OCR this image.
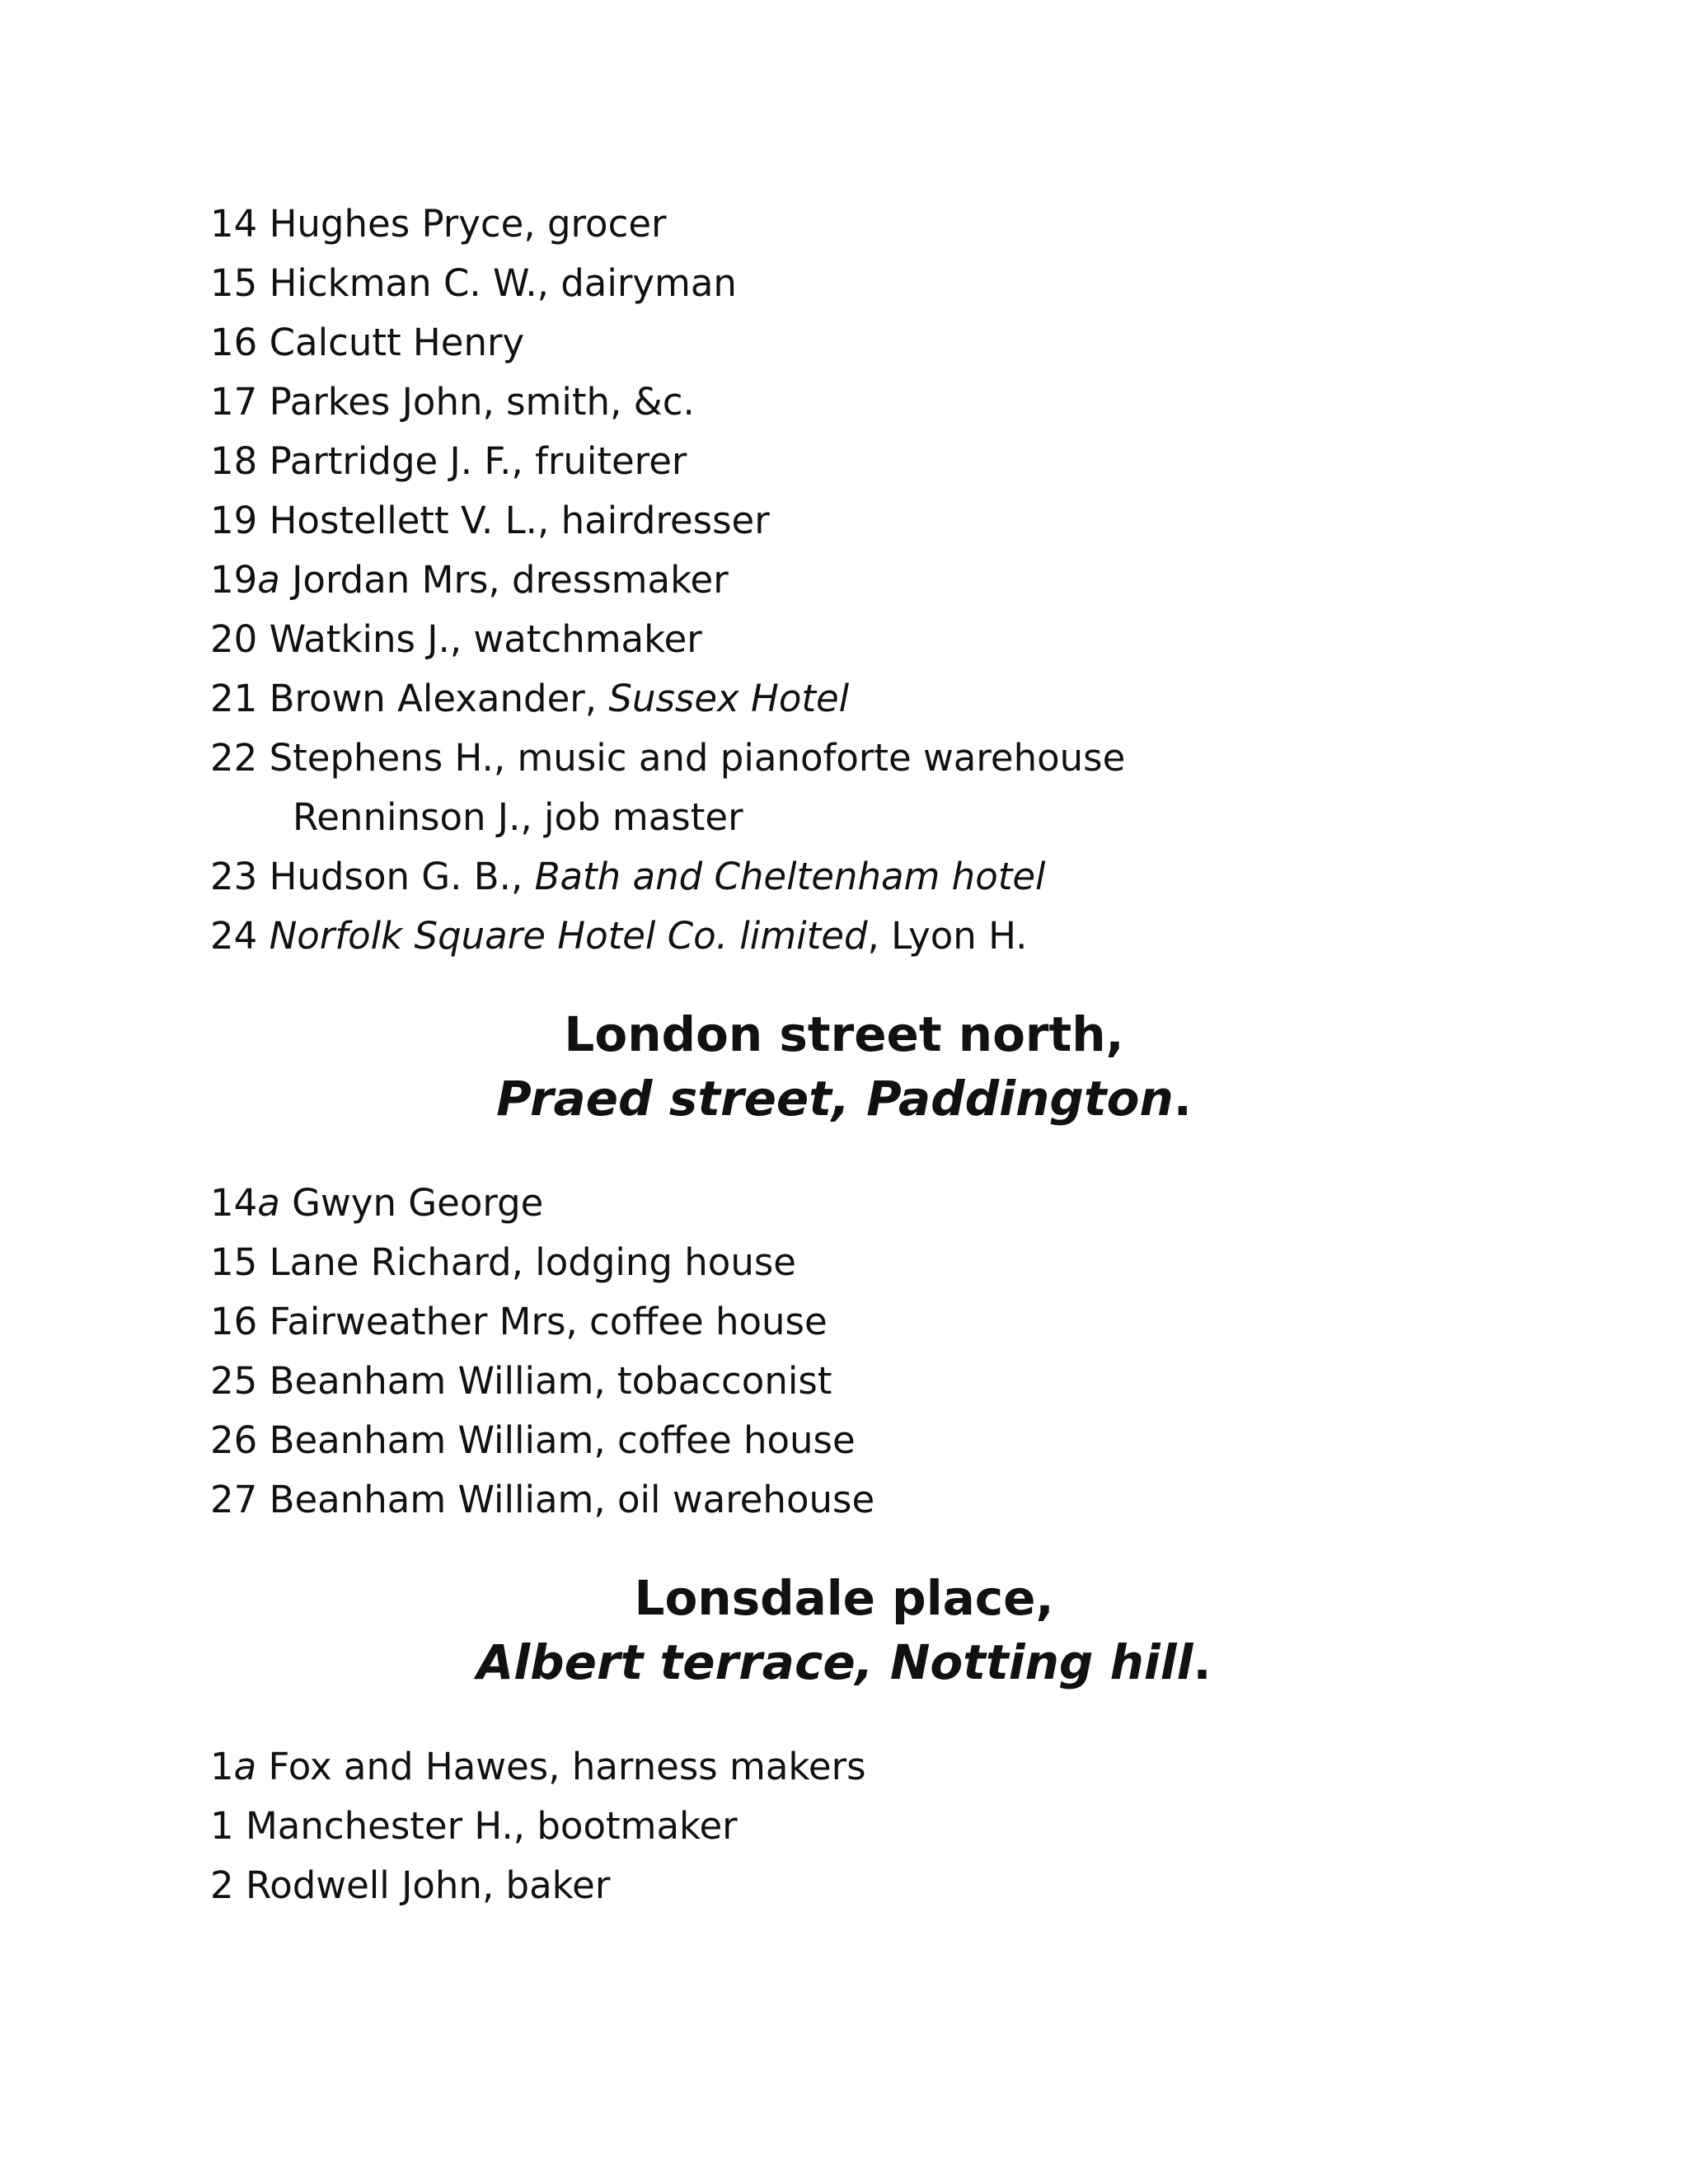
14 Hughes Pryce, grocer
15 Hickman C. W., dairyman
16 Calcutt Henry
17 Parkes John, smith, &c.
18 Partridge J. F., fruiterer
19 Hostellett V. L., hairdresser
19a Jordan Mrs, dressmaker
20 Watkins J., watchmaker
21 Brown Alexander, Sussex Hotel
22 Stephens H., music and pianoforte warehouse
Renninson J., job master
23 Hudson G. B., Bath and Cheltenham hotel
24 Norfolk Square Hotel Co. limited, Lyon H.
London street north,
Praed street, Paddington.
14a Gwyn George
15 Lane Richard, lodging house
16 Fairweather Mrs, coffee house
25 Beanham William, tobacconist
26 Beanham William, coffee house
27 Beanham William, oil warehouse
Lonsdale place,
Albert terrace, Notting hill.
1a Fox and Hawes, harness makers
1 Manchester H., bootmaker
2 Rodwell John, baker
